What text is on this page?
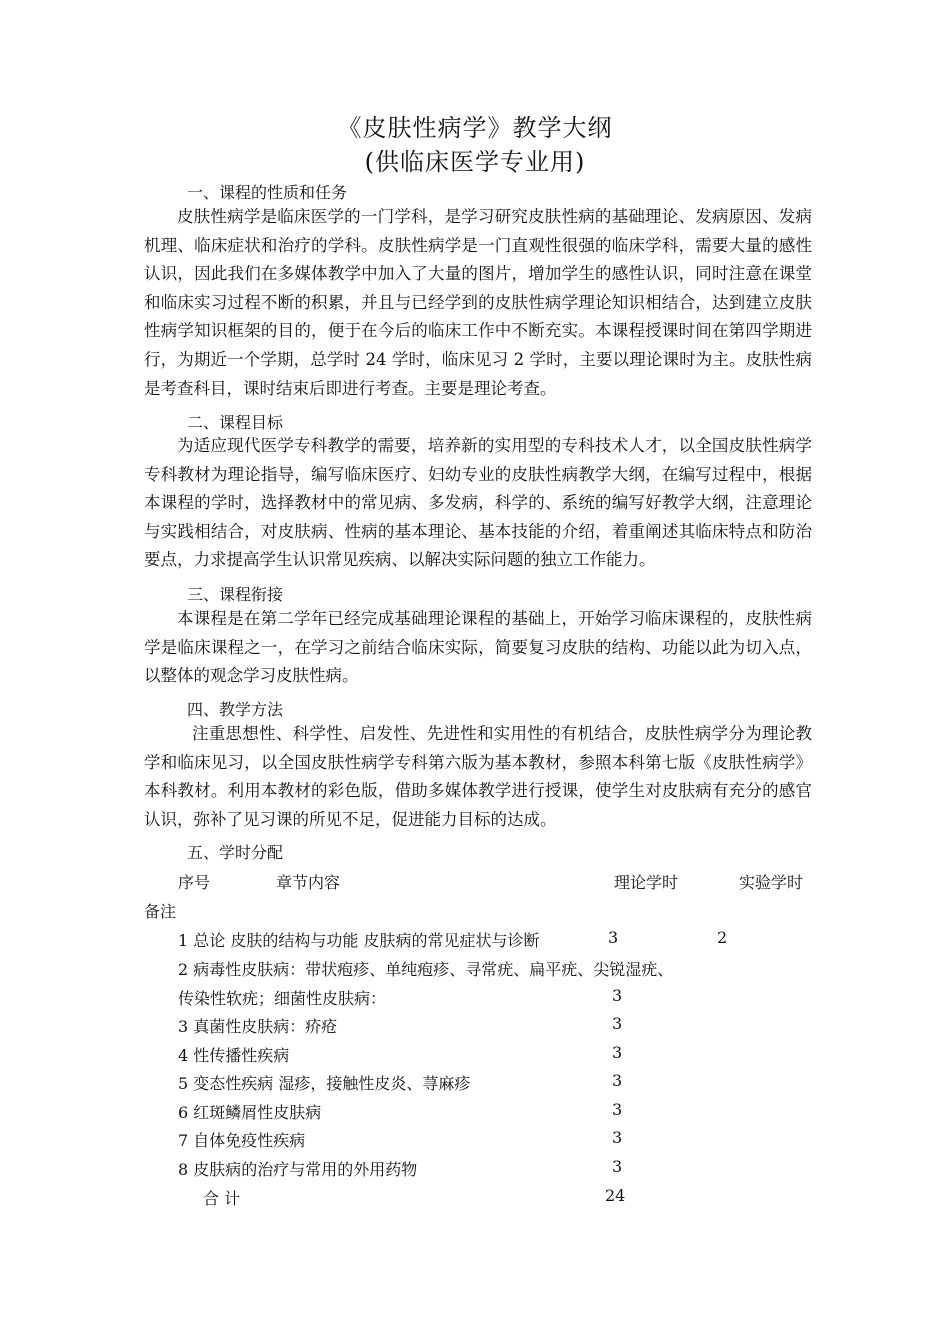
《皮肤性病学》教学大纲
(供临床医学专业用)
一、课程的性质和任务

皮肤性病学是临床医学的一门学科，是学习研究皮肤性病的基础理论、发病原因、发病机理、临床症状和治疗的学科。皮肤性病学是一门直观性很强的临床学科，需要大量的感性认识，因此我们在多媒体教学中加入了大量的图片，增加学生的感性认识，同时注意在课堂和临床实习过程不断的积累，并且与已经学到的皮肤性病学理论知识相结合，达到建立皮肤性病学知识框架的目的，便于在今后的临床工作中不断充实。本课程授课时间在第四学期进行，为期近一个学期，总学时 24 学时，临床见习 2 学时，主要以理论课时为主。皮肤性病是考查科目，课时结束后即进行考查。主要是理论考查。

二、课程目标

为适应现代医学专科教学的需要，培养新的实用型的专科技术人才，以全国皮肤性病学专科教材为理论指导，编写临床医疗、妇幼专业的皮肤性病教学大纲，在编写过程中，根据本课程的学时，选择教材中的常见病、多发病，科学的、系统的编写好教学大纲，注意理论与实践相结合，对皮肤病、性病的基本理论、基本技能的介绍，着重阐述其临床特点和防治要点，力求提高学生认识常见疾病、以解决实际问题的独立工作能力。

三、课程衔接

本课程是在第二学年已经完成基础理论课程的基础上，开始学习临床课程的，皮肤性病学是临床课程之一，在学习之前结合临床实际，简要复习皮肤的结构、功能以此为切入点，以整体的观念学习皮肤性病。

四、教学方法

注重思想性、科学性、启发性、先进性和实用性的有机结合，皮肤性病学分为理论教学和临床见习，以全国皮肤性病学专科第六版为基本教材，参照本科第七版《皮肤性病学》本科教材。利用本教材的彩色版，借助多媒体教学进行授课，使学生对皮肤病有充分的感官认识，弥补了见习课的所见不足，促进能力目标的达成。

五、学时分配
序号	章节内容	理论学时	实验学时
备注
1 总论 皮肤的结构与功能 皮肤病的常见症状与诊断	3	2
2 病毒性皮肤病：带状疱疹、单纯疱疹、寻常疣、扁平疣、尖锐湿疣、
传染性软疣；细菌性皮肤病：	3
3 真菌性皮肤病：疥疮	3
4 性传播性疾病	3
5 变态性疾病 湿疹，接触性皮炎、荨麻疹	3
6 红斑鳞屑性皮肤病	3
7 自体免疫性疾病	3
8 皮肤病的治疗与常用的外用药物	3
合 计	24
